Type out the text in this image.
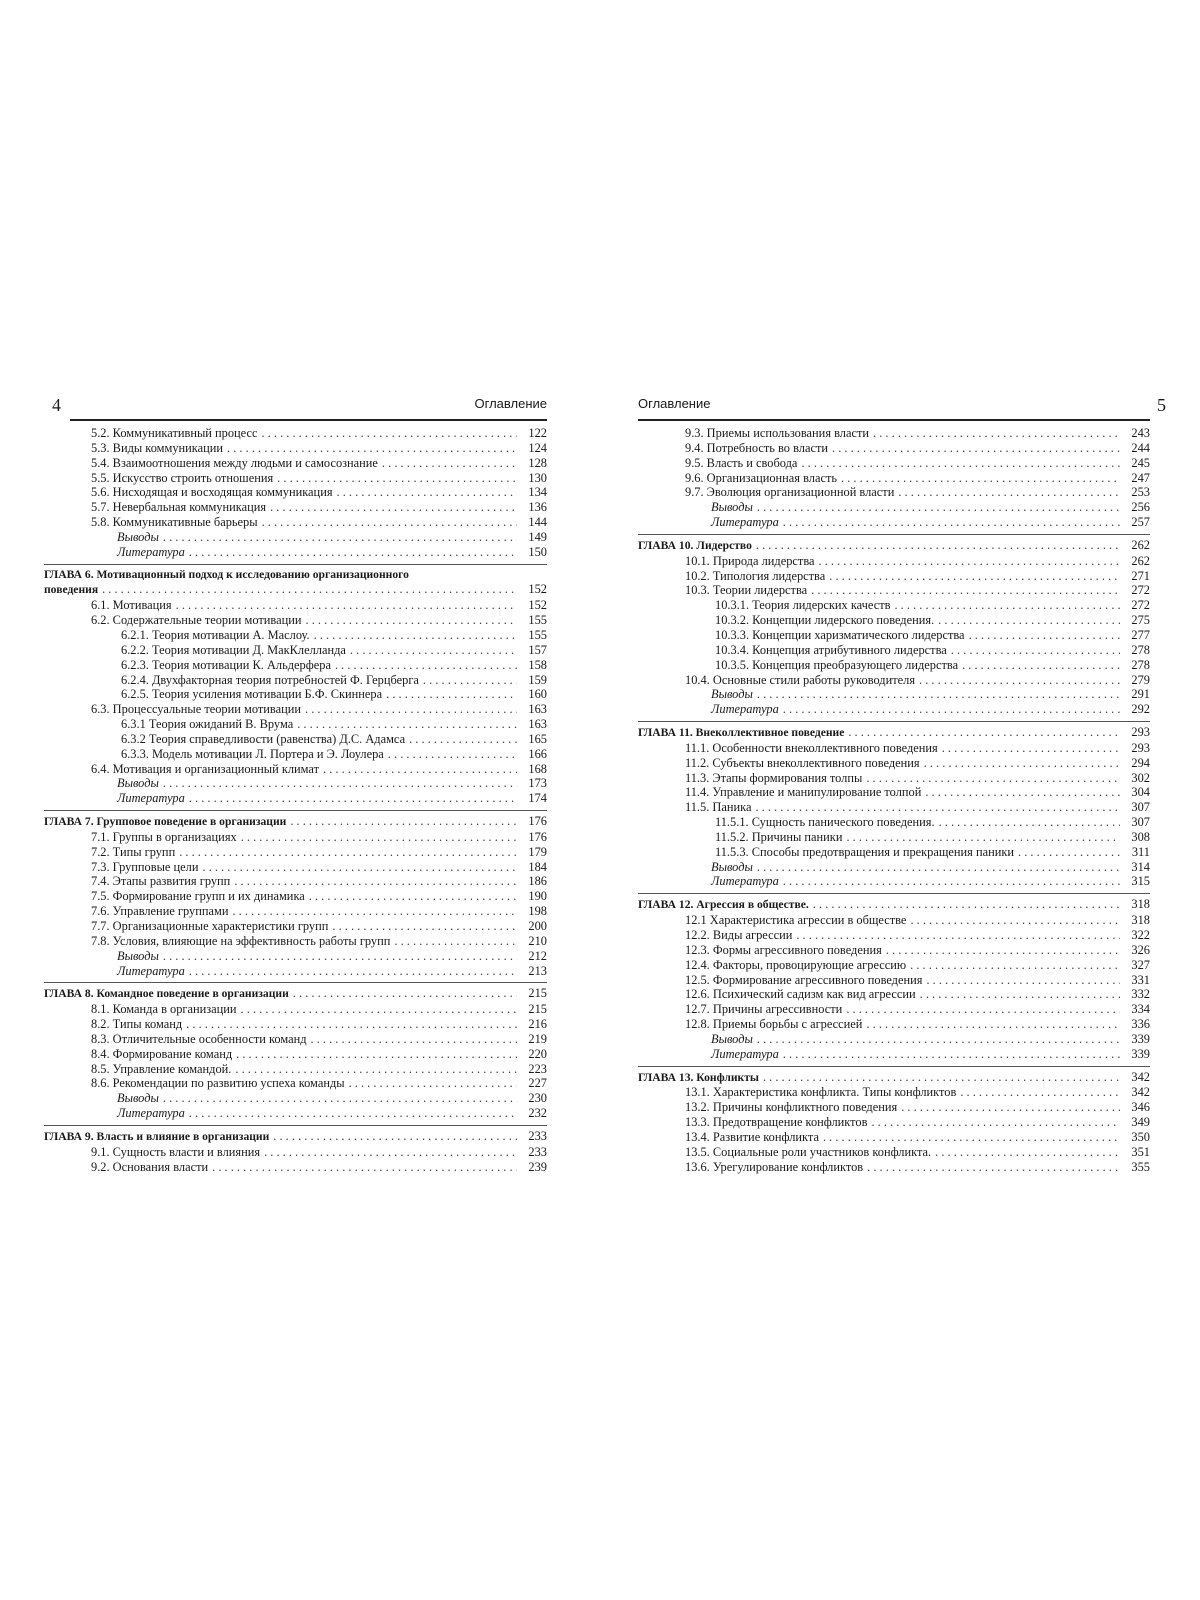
4	Оглавление
5.2. Коммуникативный процесс . . .	122
5.3. Виды коммуникации . . .	124
5.4. Взаимоотношения между людьми и самосознание . . .	128
5.5. Искусство строить отношения . . .	130
5.6. Нисходящая и восходящая коммуникация . . .	134
5.7. Невербальная коммуникация . . .	136
5.8. Коммуникативные барьеры . . .	144
Выводы . . .	149
Литература . . .	150
ГЛАВА 6. Мотивационный подход к исследованию организационного
поведения . . .	152
6.1. Мотивация . . .	152
6.2. Содержательные теории мотивации . . .	155
6.2.1. Теория мотивации А. Маслоу. . . .	155
6.2.2. Теория мотивации Д. МакКлелланда . . .	157
6.2.3. Теория мотивации К. Альдерфера . . .	158
6.2.4. Двухфакторная теория потребностей Ф. Герцберга . . .	159
6.2.5. Теория усиления мотивации Б.Ф. Скиннера . . .	160
6.3. Процессуальные теории мотивации . . .	163
6.3.1 Теория ожиданий В. Врума . . .	163
6.3.2 Теория справедливости (равенства) Д.С. Адамса . . .	165
6.3.3. Модель мотивации Л. Портера и Э. Лоулера . . .	166
6.4. Мотивация и организационный климат . . .	168
Выводы . . .	173
Литература . . .	174
ГЛАВА 7. Групповое поведение в организации . . .	176
7.1. Группы в организациях . . .	176
7.2. Типы групп . . .	179
7.3. Групповые цели . . .	184
7.4. Этапы развития групп . . .	186
7.5. Формирование групп и их динамика . . .	190
7.6. Управление группами . . .	198
7.7. Организационные характеристики групп . . .	200
7.8. Условия, влияющие на эффективность работы групп . . .	210
Выводы . . .	212
Литература . . .	213
ГЛАВА 8. Командное поведение в организации . . .	215
8.1. Команда в организации . . .	215
8.2. Типы команд . . .	216
8.3. Отличительные особенности команд . . .	219
8.4. Формирование команд . . .	220
8.5. Управление командой. . . .	223
8.6. Рекомендации по развитию успеха команды . . .	227
Выводы . . .	230
Литература . . .	232
ГЛАВА 9. Власть и влияние в организации . . .	233
9.1. Сущность власти и влияния . . .	233
9.2. Основания власти . . .	239
Оглавление	5
9.3. Приемы использования власти . . .	243
9.4. Потребность во власти . . .	244
9.5. Власть и свобода . . .	245
9.6. Организационная власть . . .	247
9.7. Эволюция организационной власти . . .	253
Выводы . . .	256
Литература . . .	257
ГЛАВА 10. Лидерство . . .	262
10.1. Природа лидерства . . .	262
10.2. Типология лидерства . . .	271
10.3. Теории лидерства . . .	272
10.3.1. Теория лидерских качеств . . .	272
10.3.2. Концепции лидерского поведения. . . .	275
10.3.3. Концепции харизматического лидерства . . .	277
10.3.4. Концепция атрибутивного лидерства . . .	278
10.3.5. Концепция преобразующего лидерства . . .	278
10.4. Основные стили работы руководителя . . .	279
Выводы . . .	291
Литература . . .	292
ГЛАВА 11. Внеколлективное поведение . . .	293
11.1. Особенности внеколлективного поведения . . .	293
11.2. Субъекты внеколлективного поведения . . .	294
11.3. Этапы формирования толпы . . .	302
11.4. Управление и манипулирование толпой . . .	304
11.5. Паника . . .	307
11.5.1. Сущность панического поведения. . . .	307
11.5.2. Причины паники . . .	308
11.5.3. Способы предотвращения и прекращения паники . . .	311
Выводы . . .	314
Литература . . .	315
ГЛАВА 12. Агрессия в обществе. . . .	318
12.1 Характеристика агрессии в обществе . . .	318
12.2. Виды агрессии . . .	322
12.3. Формы агрессивного поведения . . .	326
12.4. Факторы, провоцирующие агрессию . . .	327
12.5. Формирование агрессивного поведения . . .	331
12.6. Психический садизм как вид агрессии . . .	332
12.7. Причины агрессивности . . .	334
12.8. Приемы борьбы с агрессией . . .	336
Выводы . . .	339
Литература . . .	339
ГЛАВА 13. Конфликты . . .	342
13.1. Характеристика конфликта. Типы конфликтов . . .	342
13.2. Причины конфликтного поведения . . .	346
13.3. Предотвращение конфликтов . . .	349
13.4. Развитие конфликта . . .	350
13.5. Социальные роли участников конфликта. . . .	351
13.6. Урегулирование конфликтов . . .	355
